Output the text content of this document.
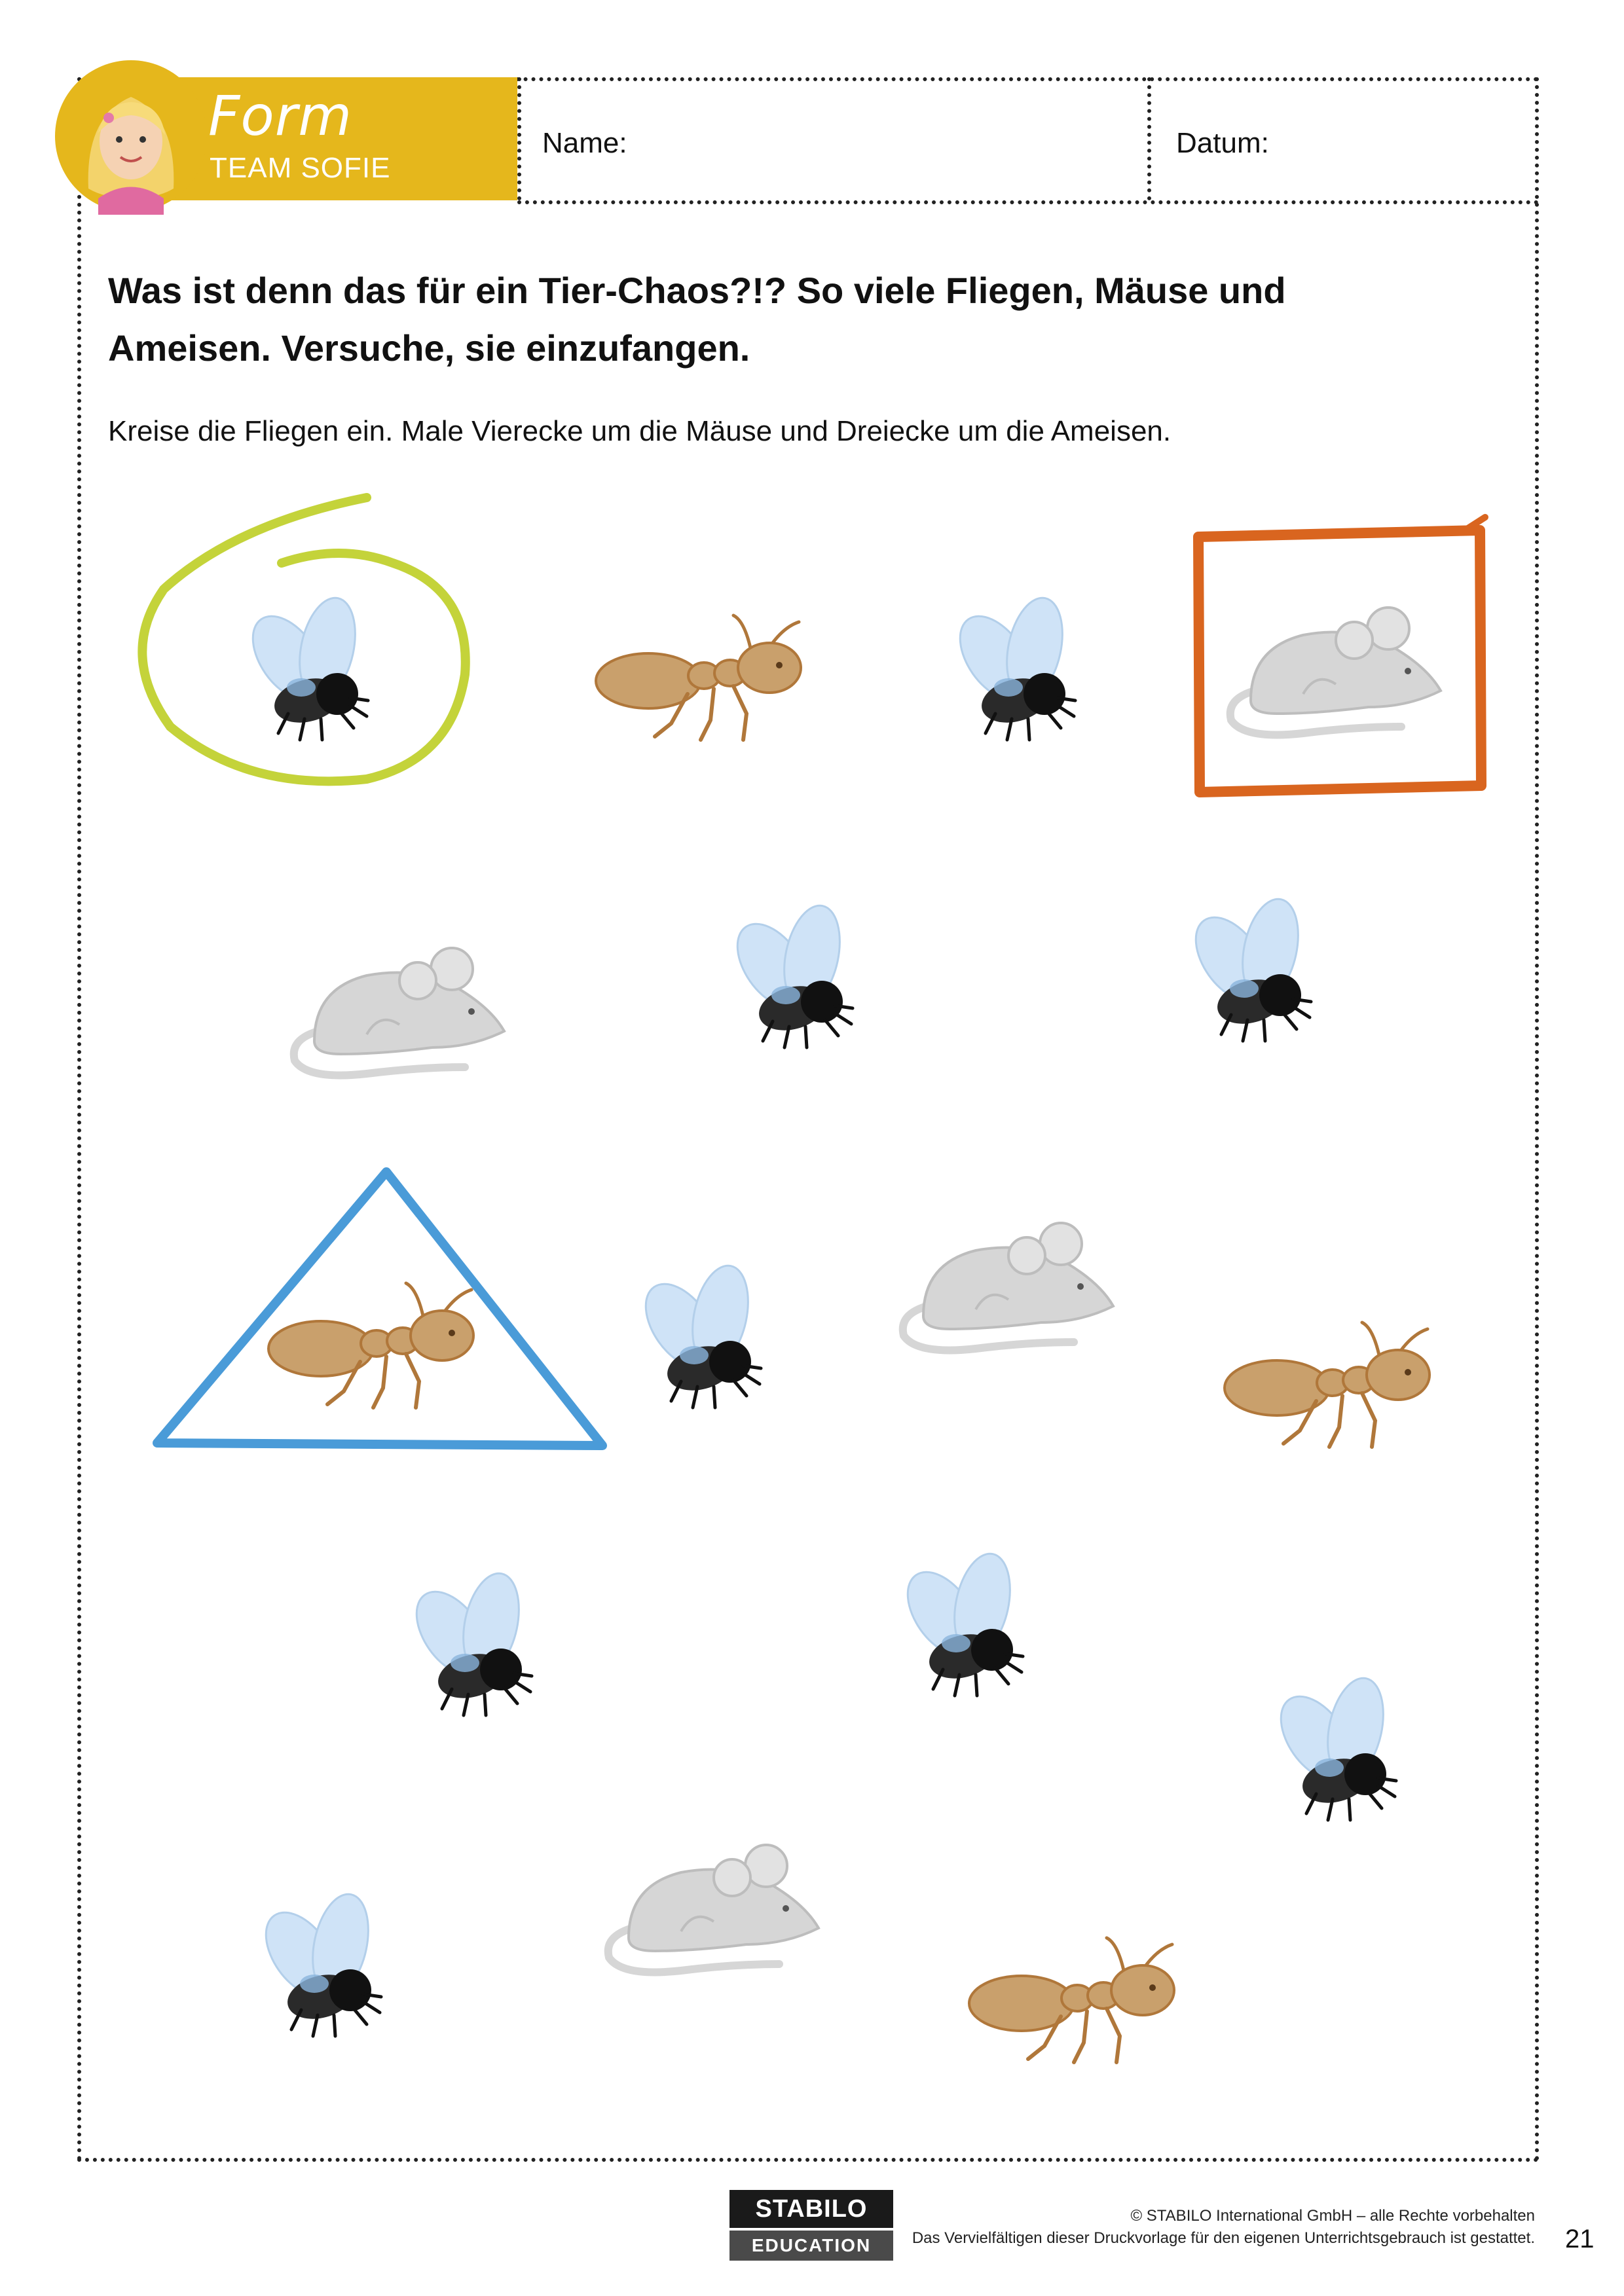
Form
TEAM SOFIE
Name:	Datum:
Was ist denn das für ein Tier-Chaos?!? So viele Fliegen, Mäuse und
Ameisen. Versuche, sie einzufangen.
Kreise die Fliegen ein. Male Vierecke um die Mäuse und Dreiecke um die Ameisen.
STABILO
EDUCATION
© STABILO International GmbH – alle Rechte vorbehalten
Das Vervielfältigen dieser Druckvorlage für den eigenen Unterrichtsgebrauch ist gestattet. 21
